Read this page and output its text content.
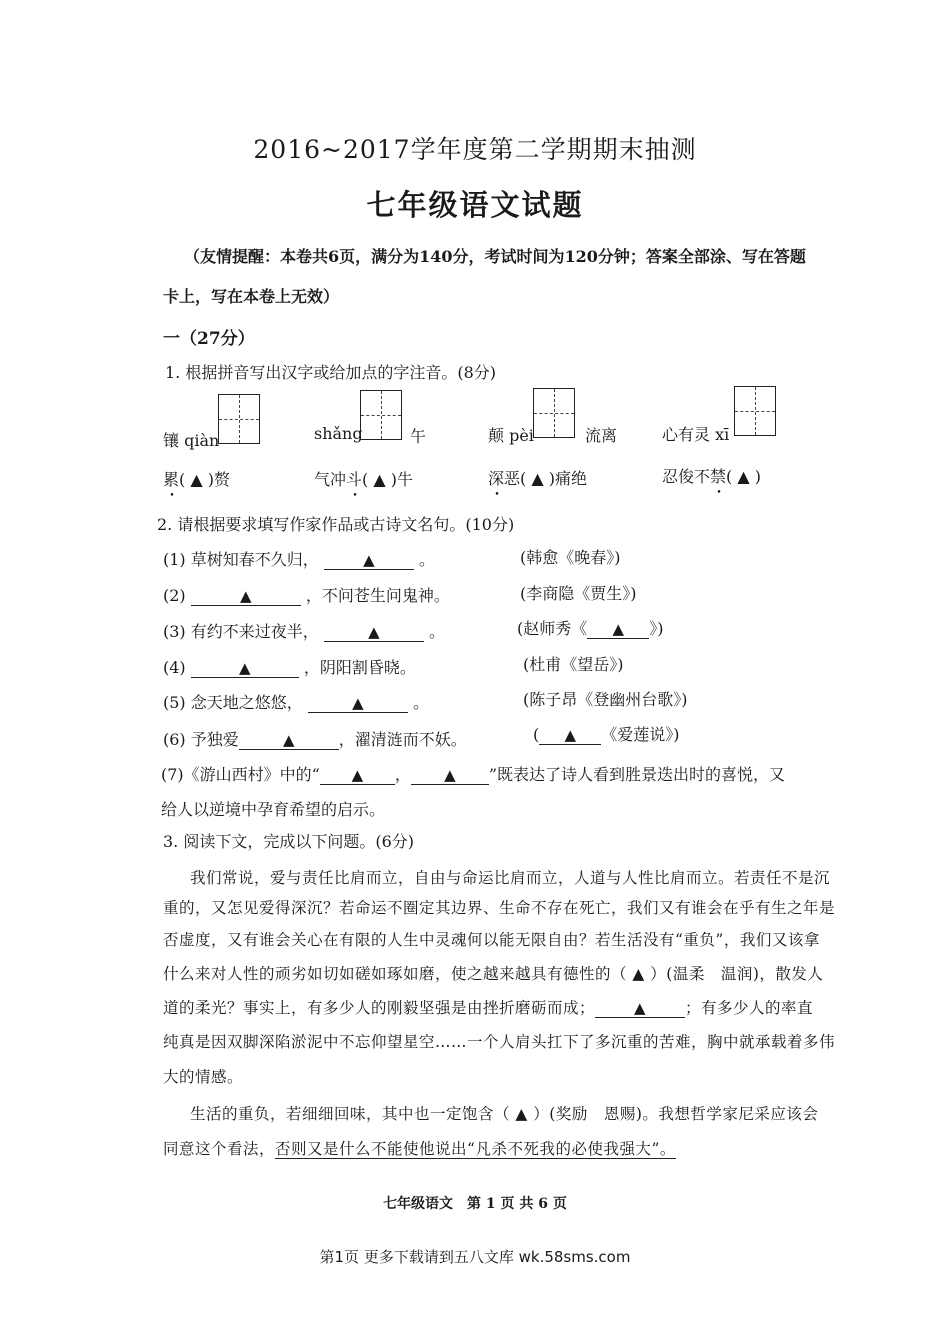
2016~2017学年度第二学期期末抽测
七年级语文试题
（友情提醒：本卷共6页，满分为140分，考试时间为120分钟；答案全部涂、写在答题
卡上，写在本卷上无效）
一（27分）
1. 根据拼音写出汉字或给加点的字注音。(8分)
镶 qiàn	shǎng	午	颠 pèi	流离	心有灵 xī
累( ▲ )赘	气冲斗( ▲ )牛	深恶( ▲ )痛绝	忍俊不禁( ▲ )
2. 请根据要求填写作家作品或古诗文名句。(10分)
(1) 草树知春不久归，	▲	。	(韩愈《晚春》)
(2)	▲	，不问苍生问鬼神。	(李商隐《贾生》)
(3) 有约不来过夜半，	▲	。	(赵师秀《 ▲ 》)
(4)	▲	，阴阳割昏晓。	(杜甫《望岳》)
(5) 念天地之悠悠，	▲	。	(陈子昂《登幽州台歌》)
(6) 予独爱	▲	，濯清涟而不妖。	( ▲ 《爱莲说》)
(7)《游山西村》中的“ ▲ ， ▲ ”既表达了诗人看到胜景迭出时的喜悦，又
给人以逆境中孕育希望的启示。
3. 阅读下文，完成以下问题。(6分)
我们常说，爱与责任比肩而立，自由与命运比肩而立，人道与人性比肩而立。若责任不是沉
重的，又怎见爱得深沉？若命运不圈定其边界、生命不存在死亡，我们又有谁会在乎有生之年是
否虚度，又有谁会关心在有限的人生中灵魂何以能无限自由？若生活没有“重负”，我们又该拿
什么来对人性的顽劣如切如磋如琢如磨，使之越来越具有德性的（ ▲ ）(温柔　温润)，散发人
道的柔光？事实上，有多少人的刚毅坚强是由挫折磨砺而成；	▲	；有多少人的率直
纯真是因双脚深陷淤泥中不忘仰望星空……一个人肩头扛下了多沉重的苦难，胸中就承载着多伟
大的情感。
生活的重负，若细细回味，其中也一定饱含（ ▲ ）(奖励　恩赐)。我想哲学家尼采应该会
同意这个看法，否则又是什么不能使他说出“凡杀不死我的必使我强大”。
七年级语文　第 1 页 共 6 页
第1页 更多下载请到五八文库 wk.58sms.com
